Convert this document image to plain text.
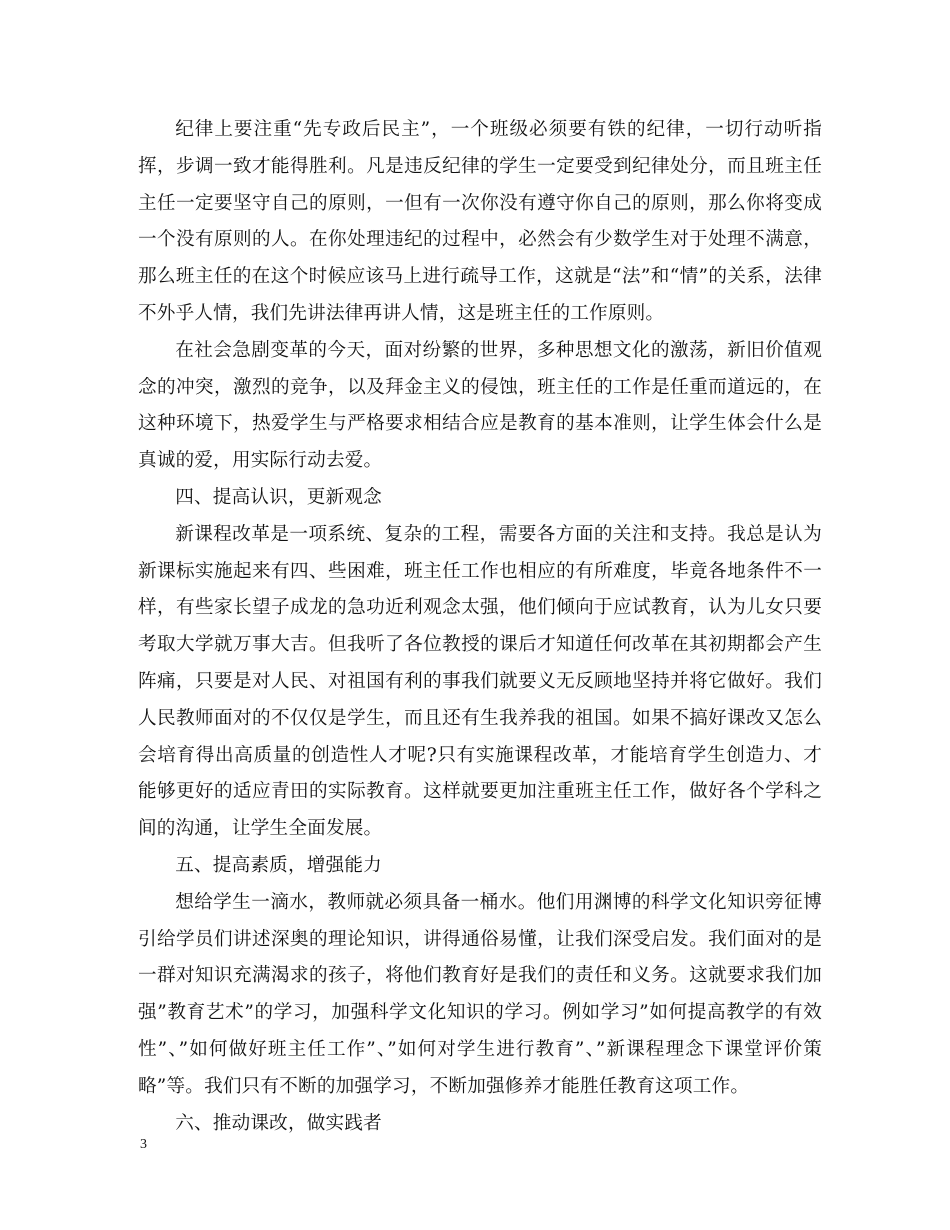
纪律上要注重“先专政后民主”，一个班级必须要有铁的纪律，一切行动听指挥，步调一致才能得胜利。凡是违反纪律的学生一定要受到纪律处分，而且班主任主任一定要坚守自己的原则，一但有一次你没有遵守你自己的原则，那么你将变成一个没有原则的人。在你处理违纪的过程中，必然会有少数学生对于处理不满意，那么班主任的在这个时候应该马上进行疏导工作，这就是“法”和“情”的关系，法律不外乎人情，我们先讲法律再讲人情，这是班主任的工作原则。

在社会急剧变革的今天，面对纷繁的世界，多种思想文化的激荡，新旧价值观念的冲突，激烈的竞争，以及拜金主义的侵蚀，班主任的工作是任重而道远的，在这种环境下，热爱学生与严格要求相结合应是教育的基本准则，让学生体会什么是真诚的爱，用实际行动去爱。

四、提高认识，更新观念

新课程改革是一项系统、复杂的工程，需要各方面的关注和支持。我总是认为新课标实施起来有四、些困难，班主任工作也相应的有所难度，毕竟各地条件不一样，有些家长望子成龙的急功近利观念太强，他们倾向于应试教育，认为儿女只要考取大学就万事大吉。但我听了各位教授的课后才知道任何改革在其初期都会产生阵痛，只要是对人民、对祖国有利的事我们就要义无反顾地坚持并将它做好。我们人民教师面对的不仅仅是学生，而且还有生我养我的祖国。如果不搞好课改又怎么会培育得出高质量的创造性人才呢?只有实施课程改革，才能培育学生创造力、才能够更好的适应青田的实际教育。这样就要更加注重班主任工作，做好各个学科之间的沟通，让学生全面发展。

五、提高素质，增强能力

想给学生一滴水，教师就必须具备一桶水。他们用渊博的科学文化知识旁征博引给学员们讲述深奥的理论知识，讲得通俗易懂，让我们深受启发。我们面对的是一群对知识充满渴求的孩子，将他们教育好是我们的责任和义务。这就要求我们加强”教育艺术”的学习，加强科学文化知识的学习。例如学习”如何提高教学的有效性”、”如何做好班主任工作”、”如何对学生进行教育”、”新课程理念下课堂评价策略”等。我们只有不断的加强学习，不断加强修养才能胜任教育这项工作。

六、推动课改，做实践者

3
